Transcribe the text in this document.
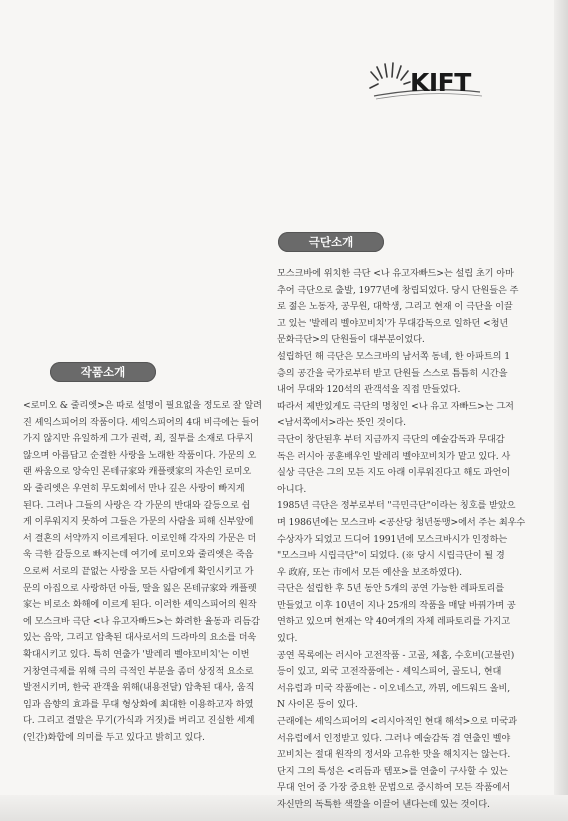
KIFT
극단소개
작품소개

<로미오 & 줄리엣>은 따로 설명이 필요없을 정도로 잘 알려

진 셰익스피어의 작품이다. 셰익스피어의 4대 비극에는 들어

가지 않지만 유일하게 그가 권력, 죄, 질투를 소재로 다루지

않으며 아름답고 순결한 사랑을 노래한 작품이다. 가문의 오

랜 싸움으로 앙숙인 몬테규家와 캐플렛家의 자손인 로미오

와 줄리엣은 우연히 무도회에서 만나 깊은 사랑이 빠지게

된다. 그러나 그들의 사랑은 각 가문의 반대와 갈등으로 쉽

게 이루워지지 못하여 그들은 가문의 사람을 피해 신부앞에

서 결혼의 서약까지 이르게된다. 이로인해 각자의 가문은 더

욱 극한 갈등으로 빠지는데 여기에 로미오와 줄리엣은 죽음

으로써 서로의 끝없는 사랑을 모든 사람에게 확인시키고 가

문의 아집으로 사랑하던 아들, 딸을 잃은 몬테규家와 캐플렛

家는 비로소 화해에 이르게 된다. 이러한 셰익스피어의 원작

에 모스크바 극단 <나 유고자빠드>는 화려한 율동과 리듬감

있는 음악, 그리고 압축된 대사로서의 드라마의 요소를 더욱

확대시키고 있다. 특히 연출가 '발레리 벨야꼬비치'는 이번

거창연극제를 위해 극의 극적인 부분을 좀더 상징적 요소로

발전시키며, 한국 관객을 위해(내용전달) 압축된 대사, 움직

임과 음향의 효과를 무대 형상화에 최대한 이용하고자 하였

다. 그리고 결말은 무기(가식과 거짓)를 버리고 진실한 세계

(인간)화합에 의미를 두고 있다고 밝히고 있다.

모스크바에 위치한 극단 <나 유고자빠드>는 설립 초기 아마

추어 극단으로 출발, 1977년에 창립되었다. 당시 단원들은 주

로 젊은 노동자, 공무원, 대학생, 그리고 현재 이 극단을 이끌

고 있는 '발레리 벨야꼬비치'가 무대감독으로 일하던 <청년

문화극단>의 단원들이 대부분이었다.

설립하던 해 극단은 모스크바의 남서쪽 동네, 한 아파트의 1

층의 공간을 국가로부터 받고 단원들 스스로 틈틈히 시간을

내어 무대와 120석의 관객석을 직접 만들었다.

따라서 제반있게도 극단의 명칭인 <나 유고 자빠드>는 그저

<남서쪽에서>라는 뜻인 것이다.

극단이 창단된후 부터 지금까지 극단의 예술감독과 무대감

독은 러시아 공훈배우인 발레리 벨야꼬비치가 맡고 있다. 사

실상 극단은 그의 모든 지도 아래 이루워진다고 해도 과언이

아니다.

1985년 극단은 정부로부터 "극민극단"이라는 칭호를 받았으

며 1986년에는 모스크바 <공산당 청년동맹>에서 주는 최우수

수상자가 되었고 드디어 1991년에 모스크바시가 인정하는

"모스크바 시립극단"이 되었다. (※ 당시 시립극단이 될 경

우 政府, 또는 市에서 모든 예산을 보조하였다).

극단은 설립한 후 5년 동안 5개의 공연 가능한 레파토리를

만들었고 이후 10년이 지나 25개의 작품을 매달 바꿔가며 공

연하고 있으며 현재는 약 40여개의 자체 레파토리를 가지고

있다.

공연 목록에는 러시아 고전작품 - 고골, 체홉, 수호비(고블린)

등이 있고, 외국 고전작품에는 - 셰익스피어, 골도니, 현대

서유럽과 미국 작품에는 - 이오네스고, 까뮈, 에드워드 올비,

N 사이몬 등이 있다.

근래에는 셰익스피어의 <리시아적인 현대 해석>으로 미국과

서유럽에서 인정받고 있다. 그러나 예술감독 겸 연출인 벨야

꼬비치는 절대 원작의 정서와 고유한 맛을 해치지는 않는다.

단지 그의 특성은 <리듬과 템포>를 연출이 구사할 수 있는

무대 언어 중 가장 중요한 문법으로 중시하여 모든 작품에서

자신만의 독특한 색깔을 이끌어 낸다는데 있는 것이다.
